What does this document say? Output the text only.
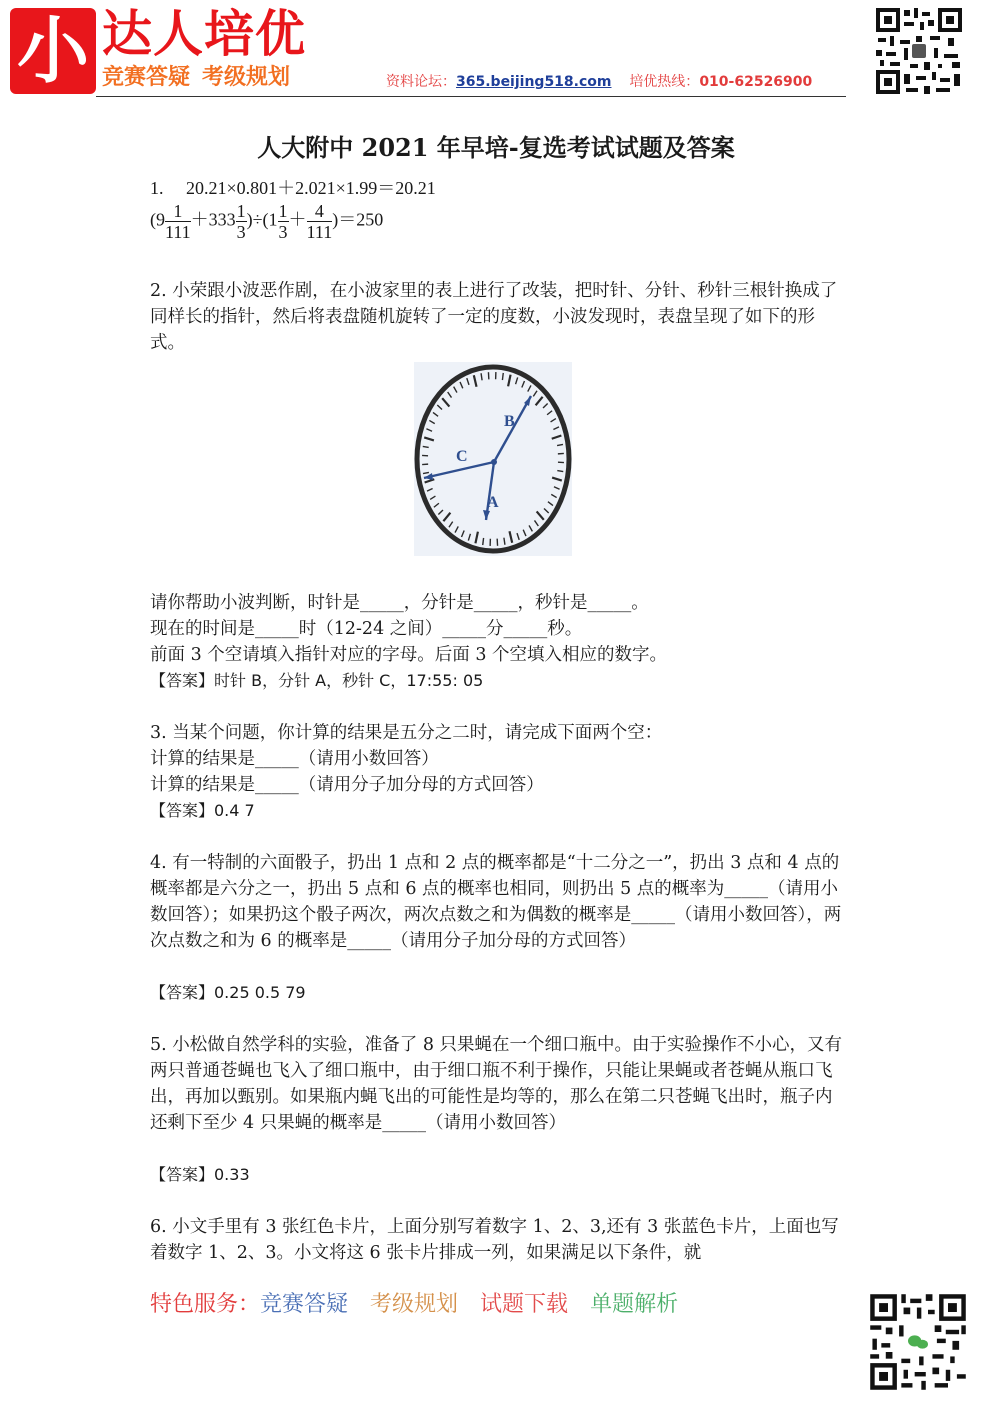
小 达人培优
竞赛答疑 考级规划	资料论坛：365.beijing518.com 培优热线：010-62526900
人大附中 2021 年早培-复选考试试题及答案
1. 20.21×0.801＋2.021×1.99＝20.21
$(9 \frac{1}{111} +333 \frac{1}{3} )\div(1 \frac{1}{3} + \frac{4}{111} )=250$
2. 小荣跟小波恶作剧，在小波家里的表上进行了改装，把时针、分针、秒针三根针换成了同样长的指针，然后将表盘随机旋转了一定的度数，小波发现时，表盘呈现了如下的形式。
B
C
A
请你帮助小波判断，时针是_____，分针是_____，秒针是_____。
现在的时间是_____时（12-24 之间）_____分_____秒。
前面 3 个空请填入指针对应的字母。后面 3 个空填入相应的数字。
【答案】时针 B，分针 A，秒针 C，17:55: 05
3. 当某个问题，你计算的结果是五分之二时，请完成下面两个空：
计算的结果是_____（请用小数回答）
计算的结果是_____（请用分子加分母的方式回答）
【答案】0.4 7
4. 有一特制的六面骰子，扔出 1 点和 2 点的概率都是“十二分之一”，扔出 3 点和 4 点的概率都是六分之一，扔出 5 点和 6 点的概率也相同，则扔出 5 点的概率为_____（请用小数回答）；如果扔这个骰子两次，两次点数之和为偶数的概率是_____（请用小数回答），两次点数之和为 6 的概率是_____（请用分子加分母的方式回答）
【答案】0.25 0.5 79
5. 小松做自然学科的实验，准备了 8 只果蝇在一个细口瓶中。由于实验操作不小心，又有两只普通苍蝇也飞入了细口瓶中，由于细口瓶不利于操作，只能让果蝇或者苍蝇从瓶口飞出，再加以甄别。如果瓶内蝇飞出的可能性是均等的，那么在第二只苍蝇飞出时，瓶子内还剩下至少 4 只果蝇的概率是_____（请用小数回答）
【答案】0.33
6. 小文手里有 3 张红色卡片，上面分别写着数字 1、2、3,还有 3 张蓝色卡片，上面也写着数字 1、2、3。小文将这 6 张卡片排成一列，如果满足以下条件，就
特色服务：竞赛答疑 考级规划 试题下载 单题解析
